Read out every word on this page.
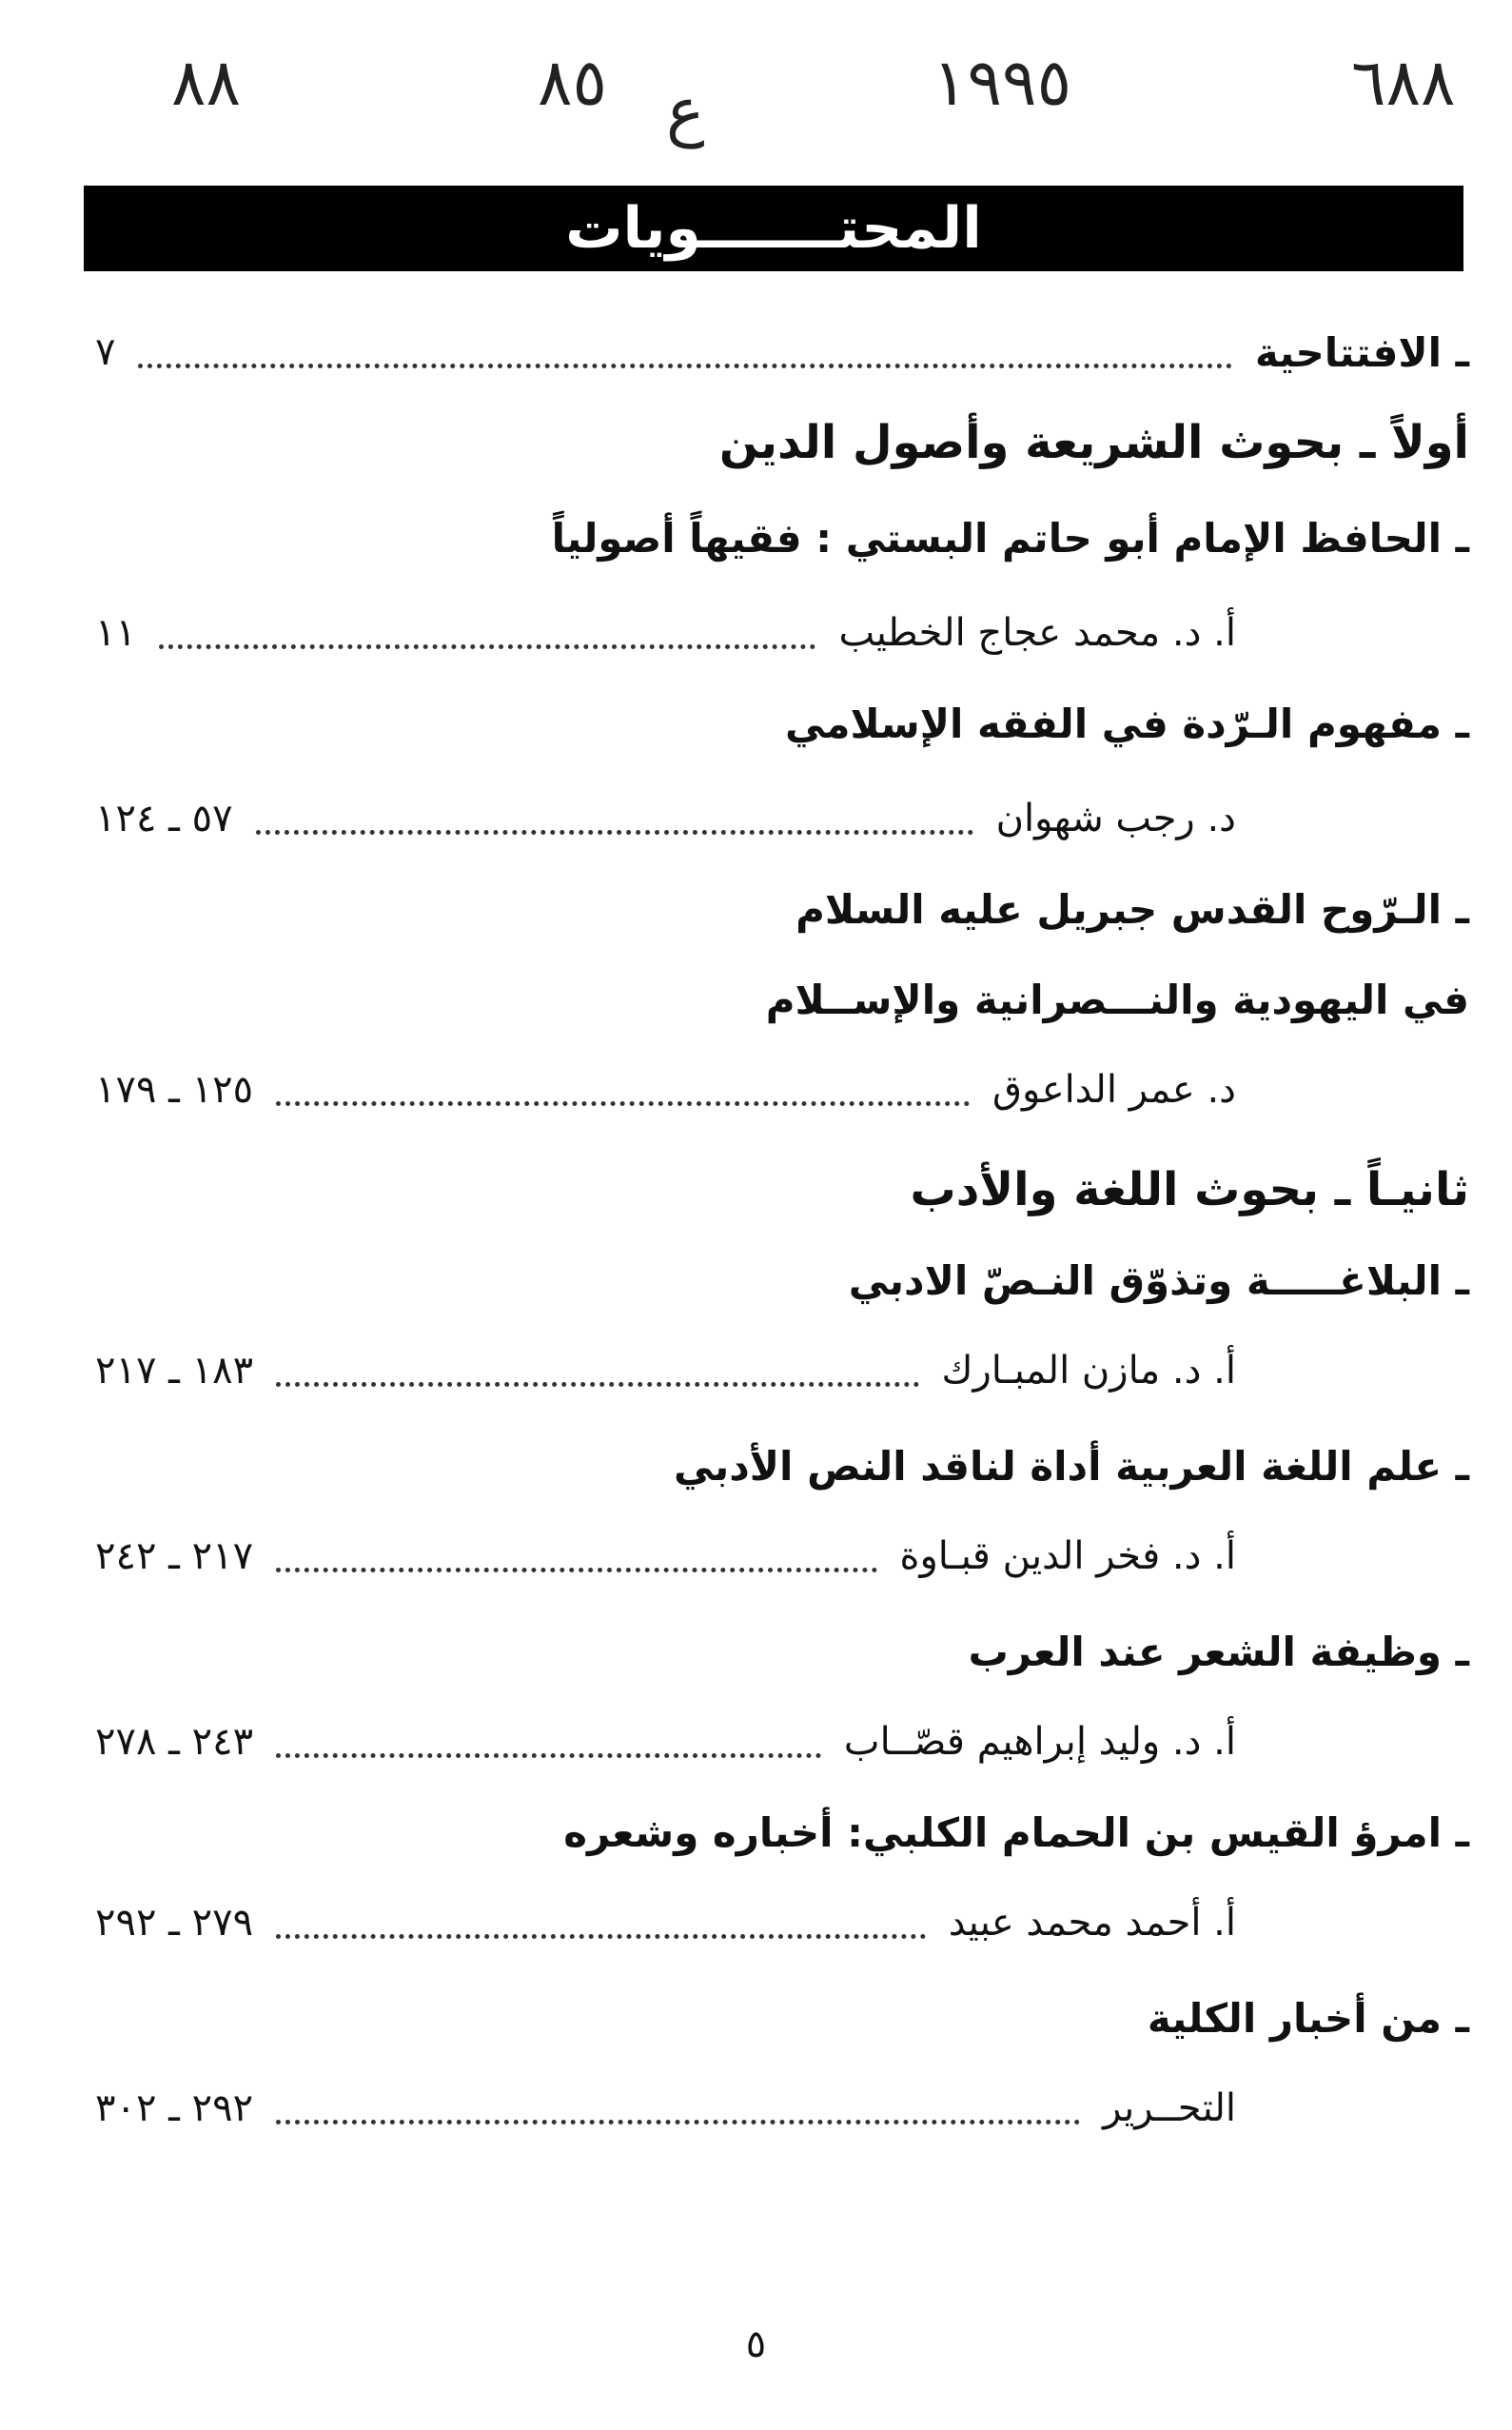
٦٨٨
١٩٩٥
ع
٨٥
٨٨
المحتـــــــويات
ـ الافتتاحية
٧
أولاً ـ بحوث الشريعة وأصول الدين
ـ الحافظ الإمام أبو حاتم البستي : فقيهاً أصولياً
أ. د. محمد عجاج الخطيب
١١
ـ مفهوم الـرّدة في الفقه الإسلامي
د. رجب شهوان
٥٧ ـ ١٢٤
ـ الـرّوح القدس جبريل عليه السلام
في اليهودية والنـــصرانية والإســلام
د. عمر الداعوق
١٢٥ ـ ١٧٩
ثانيـاً ـ بحوث اللغة والأدب
ـ البلاغـــــة وتذوّق النـصّ الادبي
أ. د. مازن المبـارك
١٨٣ ـ ٢١٧
ـ علم اللغة العربية أداة لناقد النص الأدبي
أ. د. فخر الدين قبـاوة
٢١٧ ـ ٢٤٢
ـ وظيفة الشعر عند العرب
أ. د. وليد إبراهيم قصّــاب
٢٤٣ ـ ٢٧٨
ـ امرؤ القيس بن الحمام الكلبي: أخباره وشعره
أ. أحمد محمد عبيد
٢٧٩ ـ ٢٩٢
ـ من أخبار الكلية
التحــرير
٢٩٢ ـ ٣٠٢
٥
